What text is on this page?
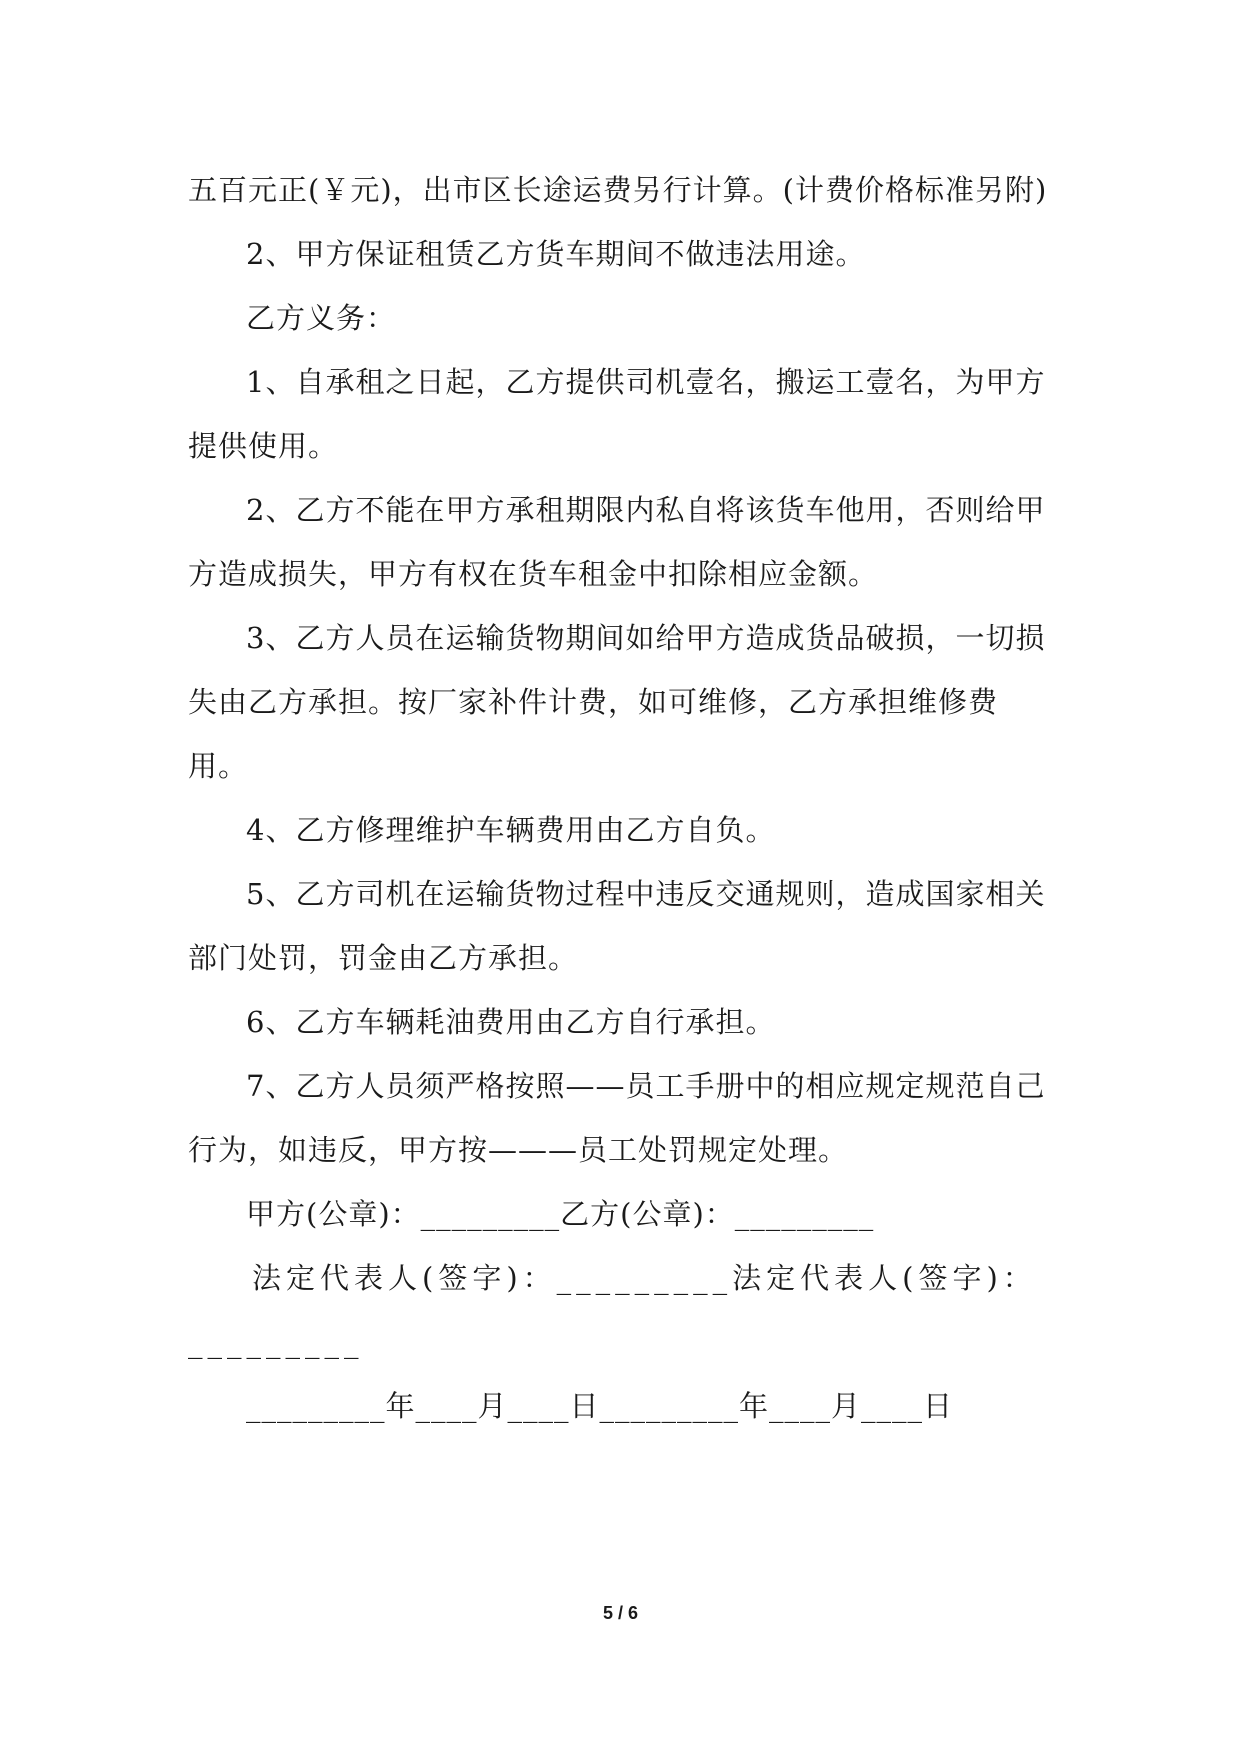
五百元正(￥元)，出市区长途运费另行计算。(计费价格标准另附)

2、甲方保证租赁乙方货车期间不做违法用途。

乙方义务：

1、自承租之日起，乙方提供司机壹名，搬运工壹名，为甲方提供使用。

2、乙方不能在甲方承租期限内私自将该货车他用，否则给甲方造成损失，甲方有权在货车租金中扣除相应金额。

3、乙方人员在运输货物期间如给甲方造成货品破损，一切损失由乙方承担。按厂家补件计费，如可维修，乙方承担维修费用。

4、乙方修理维护车辆费用由乙方自负。

5、乙方司机在运输货物过程中违反交通规则，造成国家相关部门处罚，罚金由乙方承担。

6、乙方车辆耗油费用由乙方自行承担。

7、乙方人员须严格按照——员工手册中的相应规定规范自己行为，如违反，甲方按———员工处罚规定处理。

甲方(公章)：_________乙方(公章)：_________

法定代表人(签字)：_________法定代表人(签字)：_________

_________年____月____日_________年____月____日

5 / 6
